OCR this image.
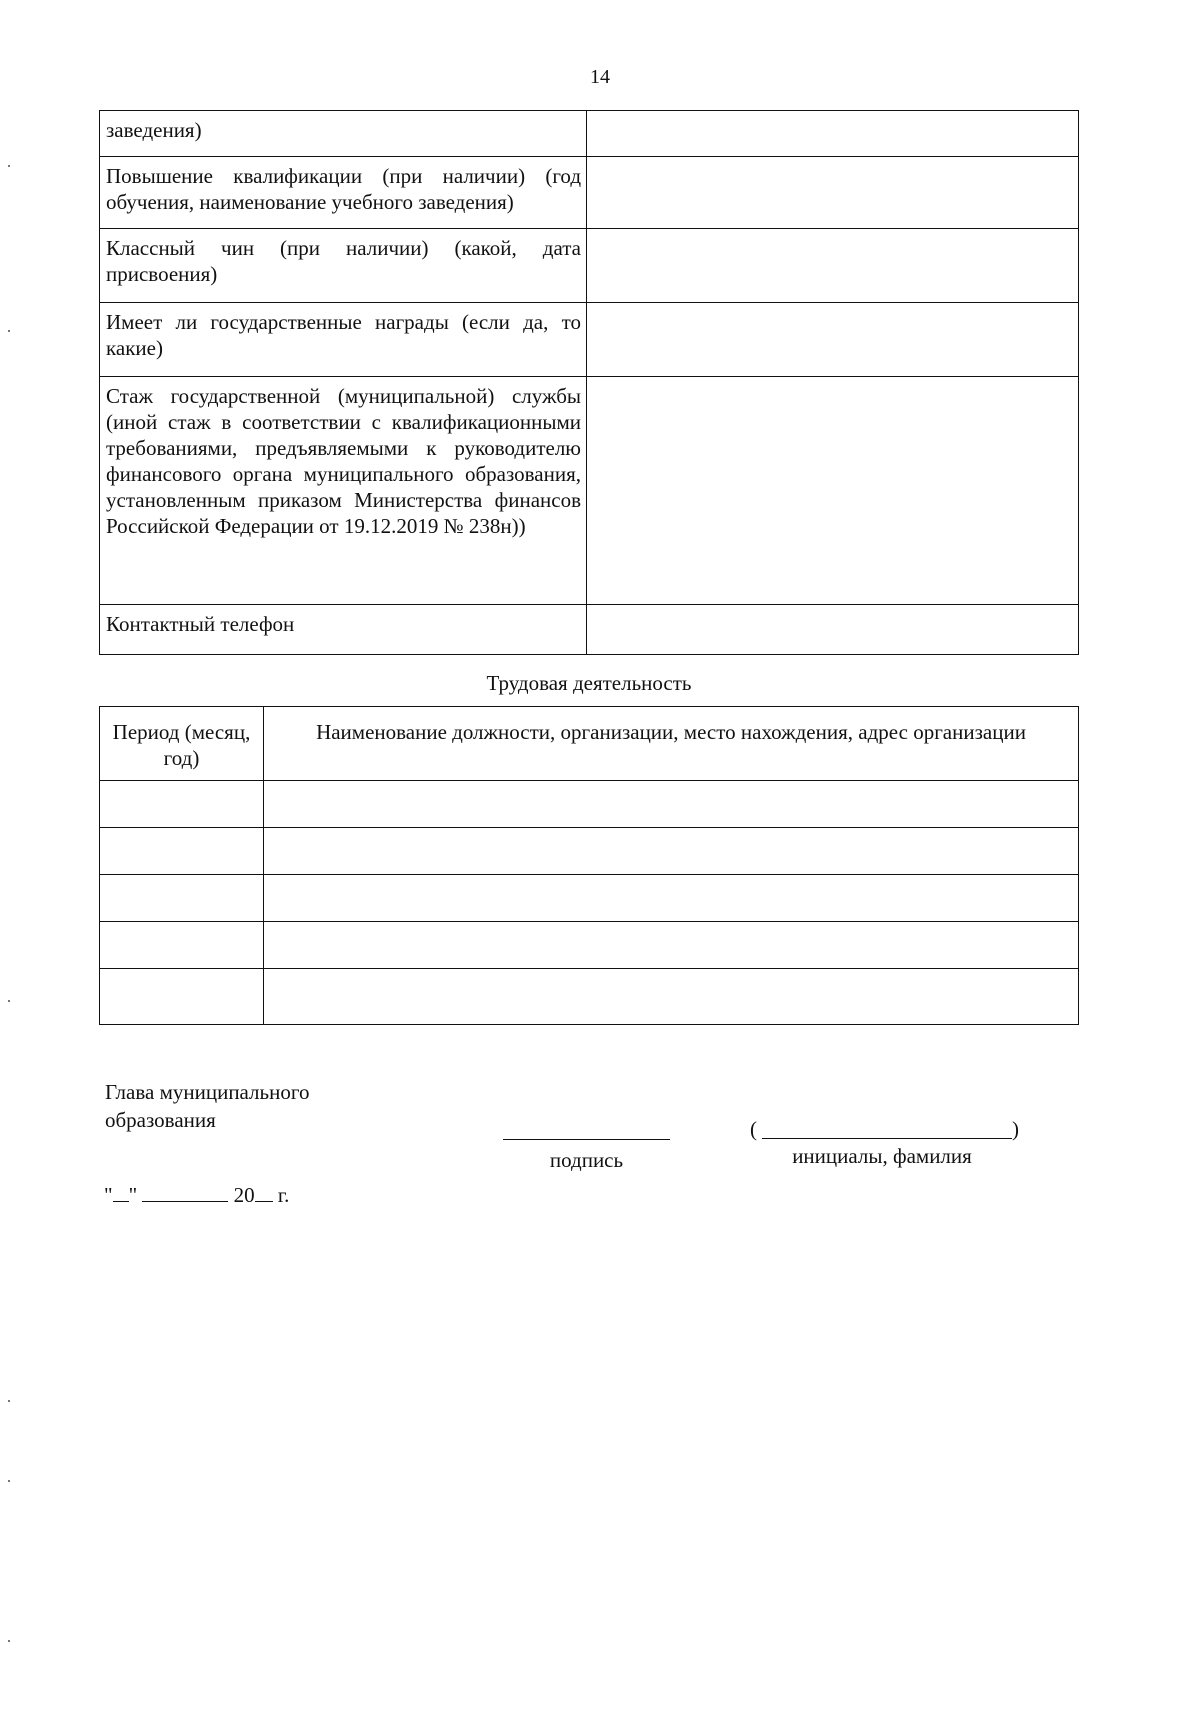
14
заведения)	
Повышение квалификации (при наличии) (год обучения, наименование учебного заведения)	
Классный чин (при наличии) (какой, дата присвоения)	
Имеет ли государственные награды (если да, то какие)	
Стаж государственной (муниципальной) службы (иной стаж в соответствии с квалификационными требованиями, предъявляемыми к руководителю финансового органа муниципального образования, установленным приказом Министерства финансов Российской Федерации от 19.12.2019 № 238н))	
Контактный телефон	
Трудовая деятельность
Период (месяц, год)	Наименование должности, организации, место нахождения, адрес организации

Глава муниципального
образования
подпись
(	)
инициалы, фамилия
" "	20 г.
